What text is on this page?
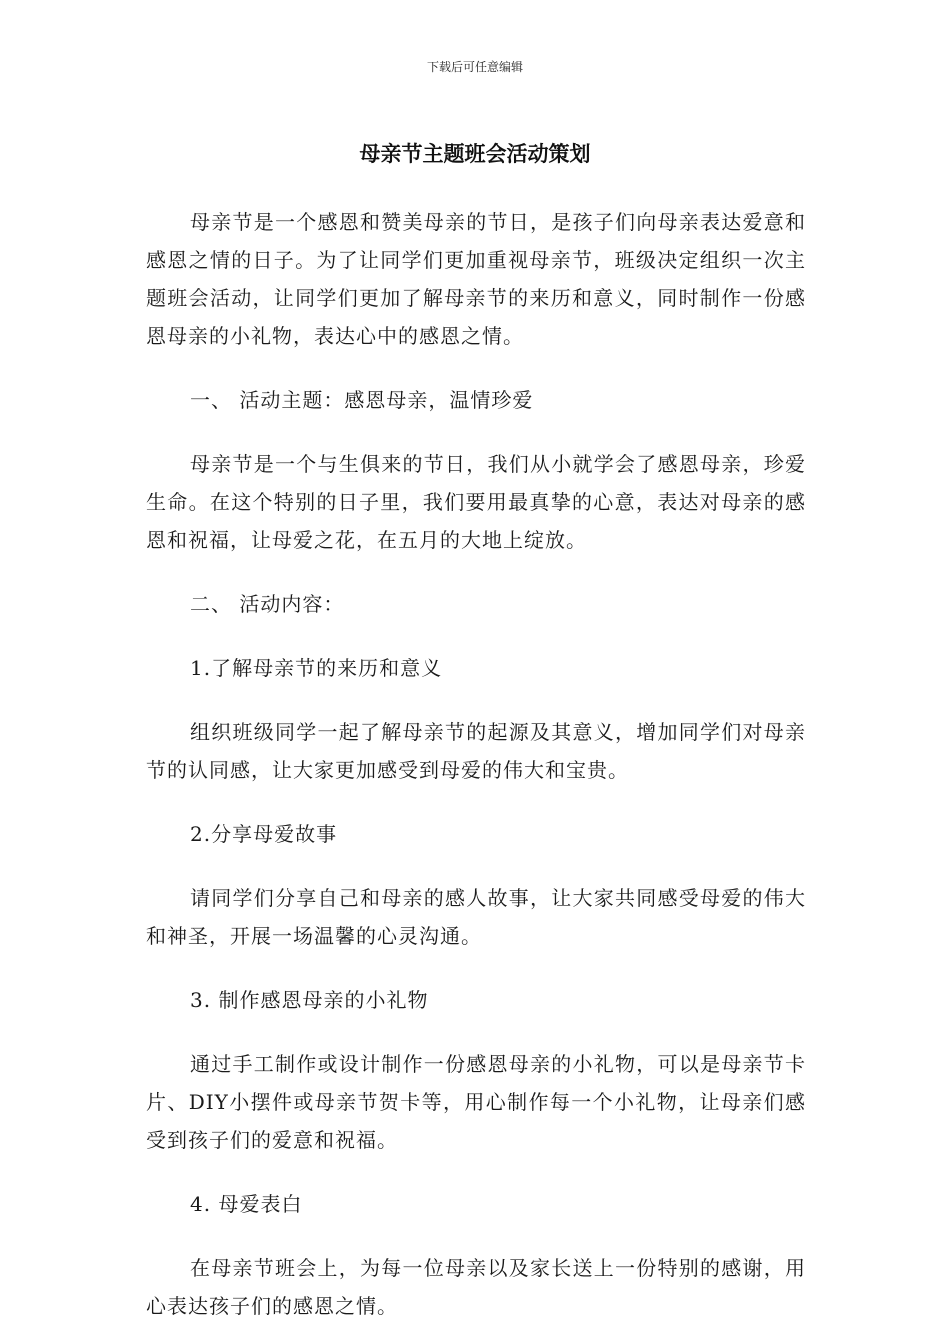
下载后可任意编辑
母亲节主题班会活动策划

母亲节是一个感恩和赞美母亲的节日，是孩子们向母亲表达爱意和感恩之情的日子。为了让同学们更加重视母亲节，班级决定组织一次主题班会活动，让同学们更加了解母亲节的来历和意义，同时制作一份感恩母亲的小礼物，表达心中的感恩之情。

一、 活动主题：感恩母亲，温情珍爱

母亲节是一个与生俱来的节日，我们从小就学会了感恩母亲，珍爱生命。在这个特别的日子里，我们要用最真挚的心意，表达对母亲的感恩和祝福，让母爱之花，在五月的大地上绽放。

二、 活动内容：

1.了解母亲节的来历和意义

组织班级同学一起了解母亲节的起源及其意义，增加同学们对母亲节的认同感，让大家更加感受到母爱的伟大和宝贵。

2.分享母爱故事

请同学们分享自己和母亲的感人故事，让大家共同感受母爱的伟大和神圣，开展一场温馨的心灵沟通。

3. 制作感恩母亲的小礼物

通过手工制作或设计制作一份感恩母亲的小礼物，可以是母亲节卡片、DIY小摆件或母亲节贺卡等，用心制作每一个小礼物，让母亲们感受到孩子们的爱意和祝福。

4. 母爱表白

在母亲节班会上，为每一位母亲以及家长送上一份特别的感谢，用心表达孩子们的感恩之情。
